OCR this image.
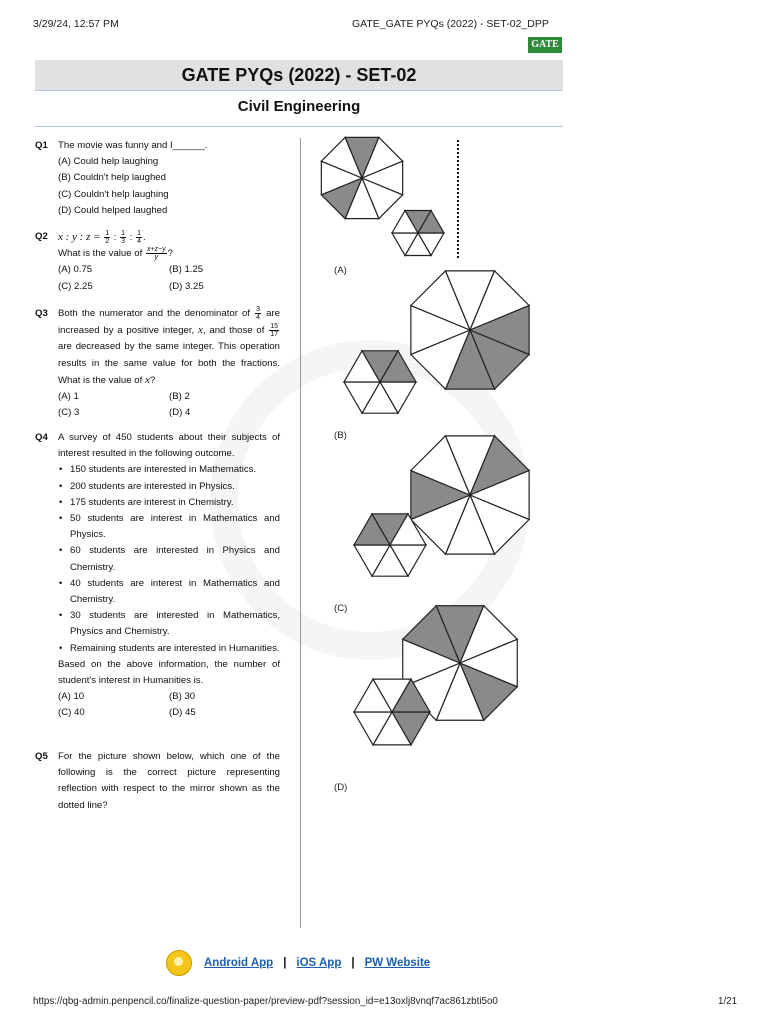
3/29/24, 12:57 PM	GATE_GATE PYQs (2022) - SET-02_DPP
GATE
GATE PYQs (2022) - SET-02
Civil Engineering
Q1 The movie was funny and I______.
(A) Could help laughing
(B) Couldn't help laughed
(C) Couldn't help laughing
(D) Could helped laughed
Q2 x : y : $z = \frac{1}{2}$ : $\frac{1}{3}$ : $\frac{1}{4}$ .
What is the value of $\frac{x+z-y}{y}$ ?
(A) 0.75	(B) 1.25
(C) 2.25	(D) 3.25
Q3 Both the numerator and the denominator of $\frac{3}{4}$ are increased by a positive integer, x, and those of $\frac{15}{17}$
are decreased by the same integer. This operation results in the same value for both the fractions. What is the value of x?
(A) 1	(B) 2
(C) 3	(D) 4
Q4 A survey of 450 students about their subjects of interest resulted in the following outcome.
• 150 students are interested in Mathematics.
• 200 students are interested in Physics.
• 175 students are interest in Chemistry.
• 50 students are interest in Mathematics and Physics.
• 60 students are interested in Physics and Chemistry.
• 40 students are interest in Mathematics and Chemistry.
• 30 students are interested in Mathematics, Physics and Chemistry.
• Remaining students are interested in Humanities.
Based on the above information, the number of student's interest in Humanities is.
(A) 10	(B) 30
(C) 40	(D) 45
Q5 For the picture shown below, which one of the following is the correct picture representing reflection with respect to the mirror shown as the dotted line?
(A)
(B)
(C)
(D)
Android App | iOS App | PW Website
https://qbg-admin.penpencil.co/finalize-question-paper/preview-pdf?session_id=e13oxlj8vnqf7ac861zbti5o0	1/21
